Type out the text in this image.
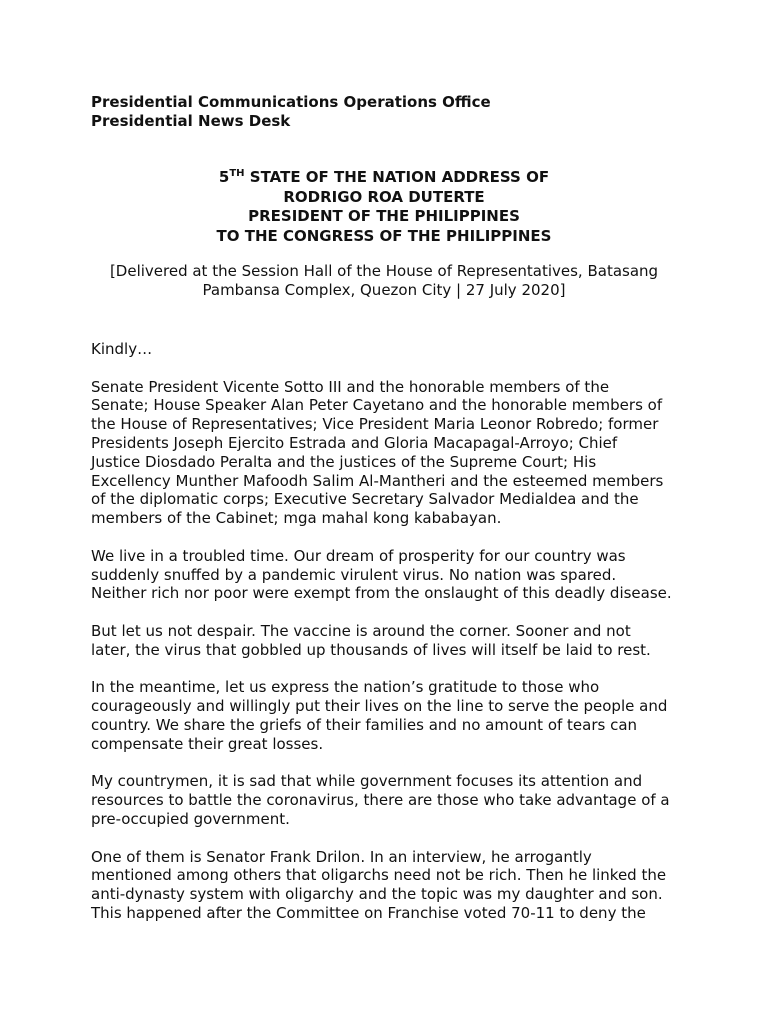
Presidential Communications Operations Office
Presidential News Desk
5TH STATE OF THE NATION ADDRESS OF
RODRIGO ROA DUTERTE
PRESIDENT OF THE PHILIPPINES
TO THE CONGRESS OF THE PHILIPPINES
[Delivered at the Session Hall of the House of Representatives, Batasang
Pambansa Complex, Quezon City | 27 July 2020]

Kindly…

Senate President Vicente Sotto III and the honorable members of the
Senate; House Speaker Alan Peter Cayetano and the honorable members of
the House of Representatives; Vice President Maria Leonor Robredo; former
Presidents Joseph Ejercito Estrada and Gloria Macapagal-Arroyo; Chief
Justice Diosdado Peralta and the justices of the Supreme Court; His
Excellency Munther Mafoodh Salim Al-Mantheri and the esteemed members
of the diplomatic corps; Executive Secretary Salvador Medialdea and the
members of the Cabinet; mga mahal kong kababayan.

We live in a troubled time. Our dream of prosperity for our country was
suddenly snuffed by a pandemic virulent virus. No nation was spared.
Neither rich nor poor were exempt from the onslaught of this deadly disease.

But let us not despair. The vaccine is around the corner. Sooner and not
later, the virus that gobbled up thousands of lives will itself be laid to rest.

In the meantime, let us express the nation’s gratitude to those who
courageously and willingly put their lives on the line to serve the people and
country. We share the griefs of their families and no amount of tears can
compensate their great losses.

My countrymen, it is sad that while government focuses its attention and
resources to battle the coronavirus, there are those who take advantage of a
pre-occupied government.

One of them is Senator Frank Drilon. In an interview, he arrogantly
mentioned among others that oligarchs need not be rich. Then he linked the
anti-dynasty system with oligarchy and the topic was my daughter and son.
This happened after the Committee on Franchise voted 70-11 to deny the
